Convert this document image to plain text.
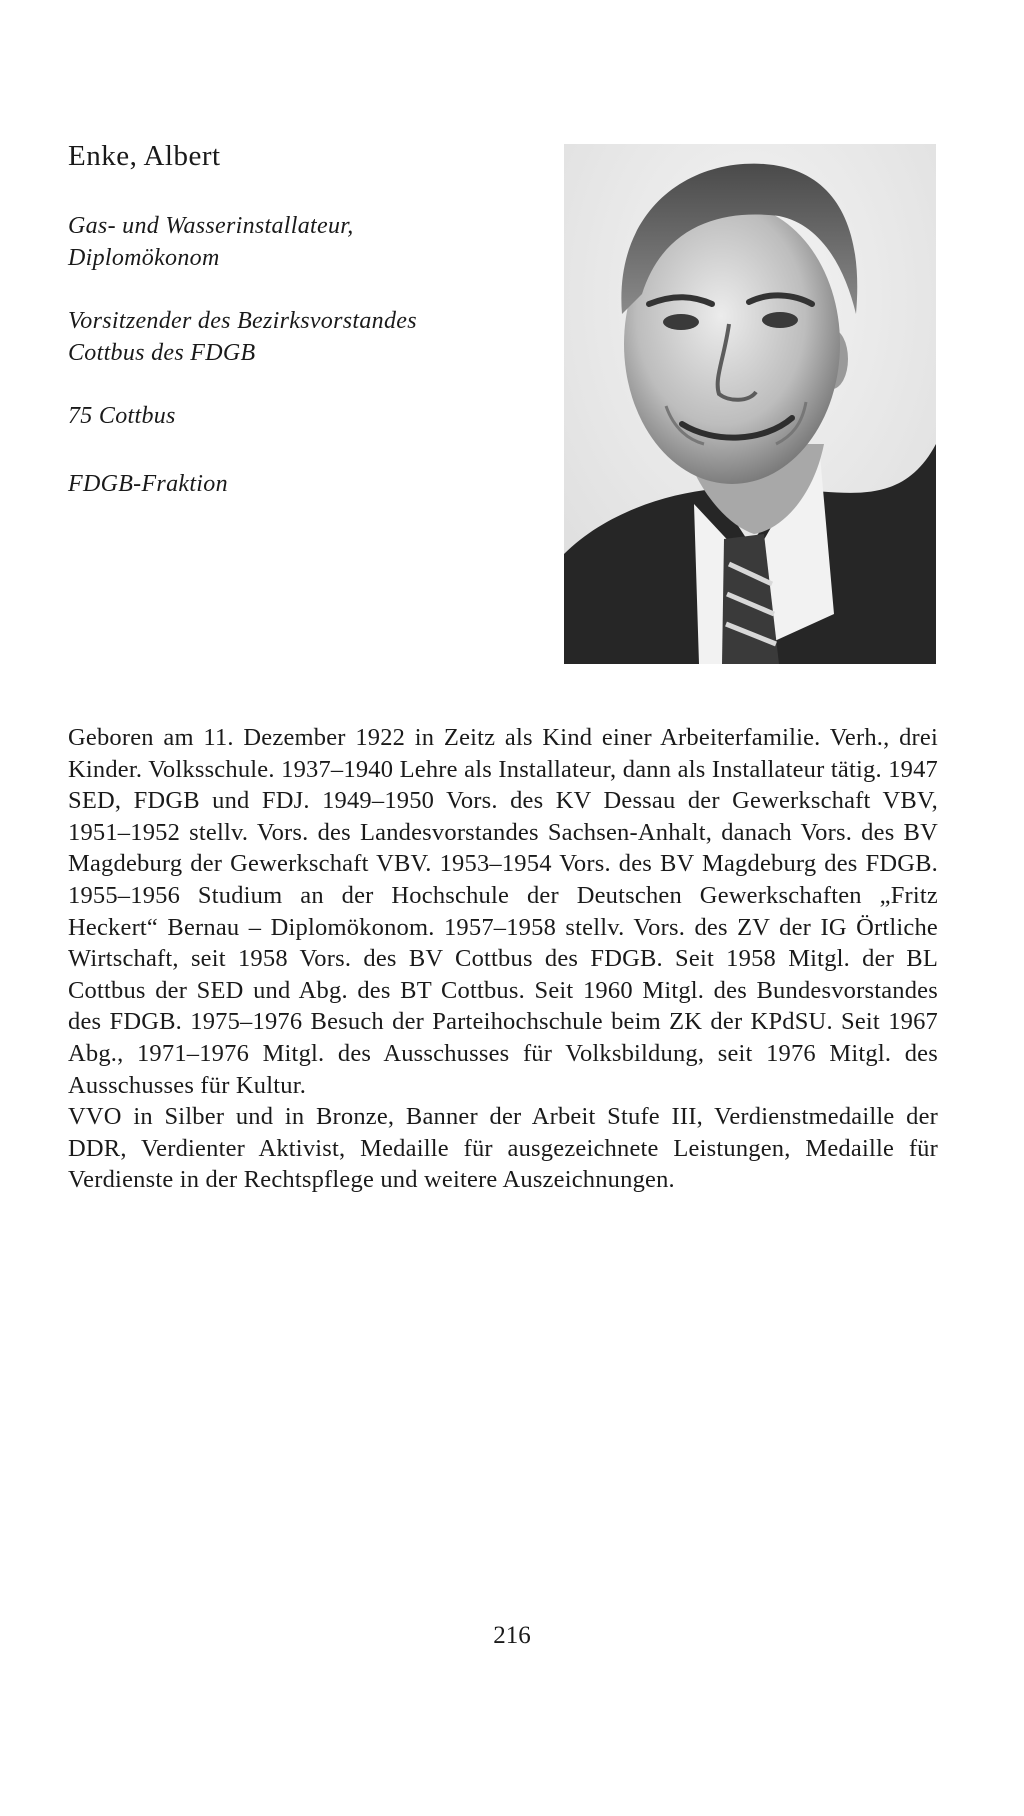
Enke, Albert
Gas- und Wasserinstallateur,
Diplomökonom
Vorsitzender des Bezirksvorstandes
Cottbus des FDGB
75 Cottbus
FDGB-Fraktion

Geboren am 11. Dezember 1922 in Zeitz als Kind einer Arbeiterfamilie. Verh., drei Kinder. Volksschule. 1937–1940 Lehre als Installateur, dann als Installateur tätig. 1947 SED, FDGB und FDJ. 1949–1950 Vors. des KV Dessau der Gewerkschaft VBV, 1951–1952 stellv. Vors. des Landesvorstandes Sachsen-Anhalt, danach Vors. des BV Magdeburg der Gewerkschaft VBV. 1953–1954 Vors. des BV Magdeburg des FDGB. 1955–1956 Studium an der Hochschule der Deutschen Gewerkschaften „Fritz Heckert“ Bernau – Diplomökonom. 1957–1958 stellv. Vors. des ZV der IG Örtliche Wirtschaft, seit 1958 Vors. des BV Cottbus des FDGB. Seit 1958 Mitgl. der BL Cottbus der SED und Abg. des BT Cottbus. Seit 1960 Mitgl. des Bundesvorstandes des FDGB. 1975–1976 Besuch der Parteihochschule beim ZK der KPdSU. Seit 1967 Abg., 1971–1976 Mitgl. des Ausschusses für Volksbildung, seit 1976 Mitgl. des Ausschusses für Kultur.

VVO in Silber und in Bronze, Banner der Arbeit Stufe III, Verdienstmedaille der DDR, Verdienter Aktivist, Medaille für ausgezeichnete Leistungen, Medaille für Verdienste in der Rechtspflege und weitere Auszeichnungen.

216
